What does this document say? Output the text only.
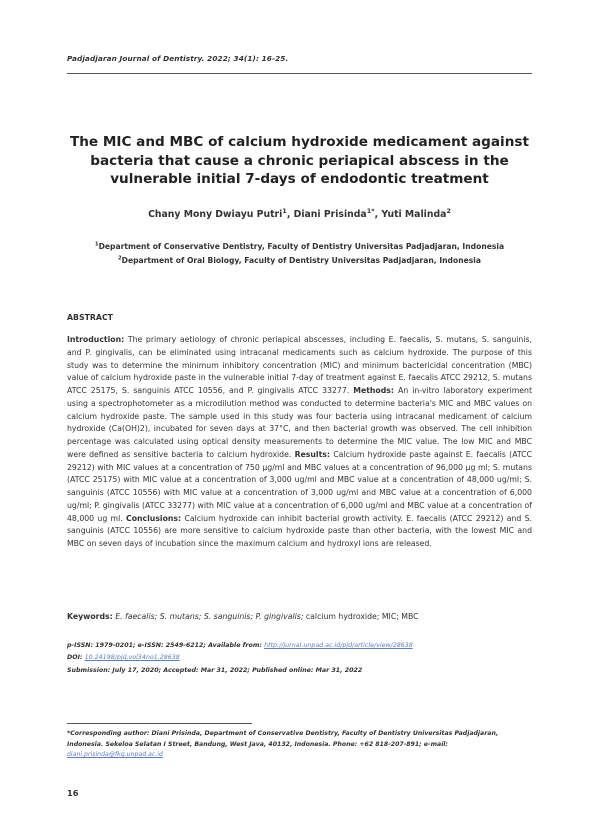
Padjadjaran Journal of Dentistry. 2022; 34(1): 16-25.
The MIC and MBC of calcium hydroxide medicament against
bacteria that cause a chronic periapical abscess in the
vulnerable initial 7-days of endodontic treatment
Chany Mony Dwiayu Putri$^1$, Diani Prisinda$^{1*}$, Yuti Malinda$^2$
$^1$Department of Conservative Dentistry, Faculty of Dentistry Universitas Padjadjaran, Indonesia
$^2$Department of Oral Biology, Faculty of Dentistry Universitas Padjadjaran, Indonesia
ABSTRACT

Introduction: The primary aetiology of chronic periapical abscesses, including E. faecalis, S. mutans, S. sanguinis, and P. gingivalis, can be eliminated using intracanal medicaments such as calcium hydroxide. The purpose of this study was to determine the minimum inhibitory concentration (MIC) and minimum bactericidal concentration (MBC) value of calcium hydroxide paste in the vulnerable initial 7-day of treatment against E. faecalis ATCC 29212, S. mutans ATCC 25175, S. sanguinis ATCC 10556, and P. gingivalis ATCC 33277. Methods: An in-vitro laboratory experiment using a spectrophotometer as a microdilution method was conducted to determine bacteria's MIC and MBC values on calcium hydroxide paste. The sample used in this study was four bacteria using intracanal medicament of calcium hydroxide (Ca(OH)2), incubated for seven days at 37°C, and then bacterial growth was observed. The cell inhibition percentage was calculated using optical density measurements to determine the MIC value. The low MIC and MBC were defined as sensitive bacteria to calcium hydroxide. Results: Calcium hydroxide paste against E. faecalis (ATCC 29212) with MIC values at a concentration of 750 µg/ml and MBC values at a concentration of 96,000 µg ml; S. mutans (ATCC 25175) with MIC value at a concentration of 3,000 ug/ml and MBC value at a concentration of 48,000 ug/ml; S. sanguinis (ATCC 10556) with MIC value at a concentration of 3,000 ug/ml and MBC value at a concentration of 6,000 ug/ml; P. gingivalis (ATCC 33277) with MIC value at a concentration of 6,000 ug/ml and MBC value at a concentration of 48,000 ug ml. Conclusions: Calcium hydroxide can inhibit bacterial growth activity. E. faecalis (ATCC 29212) and S. sanguinis (ATCC 10556) are more sensitive to calcium hydroxide paste than other bacteria, with the lowest MIC and MBC on seven days of incubation since the maximum calcium and hydroxyl ions are released.

Keywords: E. faecalis; S. mutans; S. sanguinis; P. gingivalis; calcium hydroxide; MIC; MBC
p-ISSN: 1979-0201; e-ISSN: 2549-6212; Available from: http://jurnal.unpad.ac.id/pjd/article/view/28638
DOI: 10.24198/pjd.vol34no1.28638
Submission: July 17, 2020; Accepted: Mar 31, 2022; Published online: Mar 31, 2022
*Corresponding author: Diani Prisinda, Department of Conservative Dentistry, Faculty of Dentistry Universitas Padjadjaran, Indonesia. Sekeloa Selatan I Street, Bandung, West Java, 40132, Indonesia. Phone: +62 818-207-891; e-mail: diani.prisinda@fkg.unpad.ac.id
16
